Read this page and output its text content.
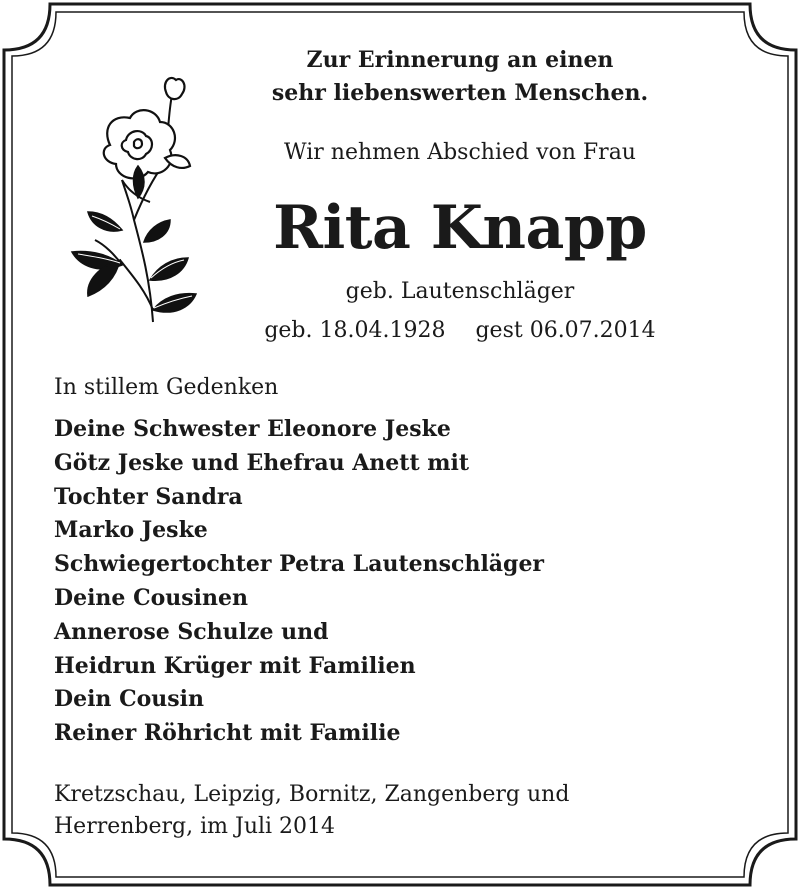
Zur Erinnerung an einen
sehr liebenswerten Menschen.
Wir nehmen Abschied von Frau
Rita Knapp
geb. Lautenschläger
geb. 18.04.1928 gest 06.07.2014
In stillem Gedenken
Deine Schwester Eleonore Jeske
Götz Jeske und Ehefrau Anett mit
Tochter Sandra
Marko Jeske
Schwiegertochter Petra Lautenschläger
Deine Cousinen
Annerose Schulze und
Heidrun Krüger mit Familien
Dein Cousin
Reiner Röhricht mit Familie
Kretzschau, Leipzig, Bornitz, Zangenberg und
Herrenberg, im Juli 2014
